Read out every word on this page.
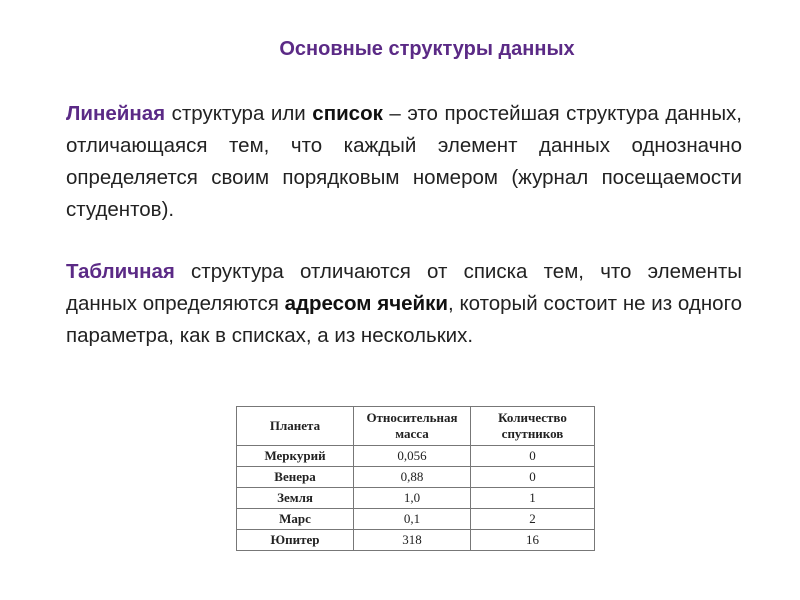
Основные структуры данных
Линейная структура или список – это простейшая структура данных, отличающаяся тем, что каждый элемент данных однозначно определяется своим порядковым номером (журнал посещаемости студентов).
Табличная структура отличаются от списка тем, что элементы данных определяются адресом ячейки, который состоит не из одного параметра, как в списках, а из нескольких.
Планета	Относительная масса	Количество спутников
Меркурий	0,056	0
Венера	0,88	0
Земля	1,0	1
Марс	0,1	2
Юпитер	318	16
